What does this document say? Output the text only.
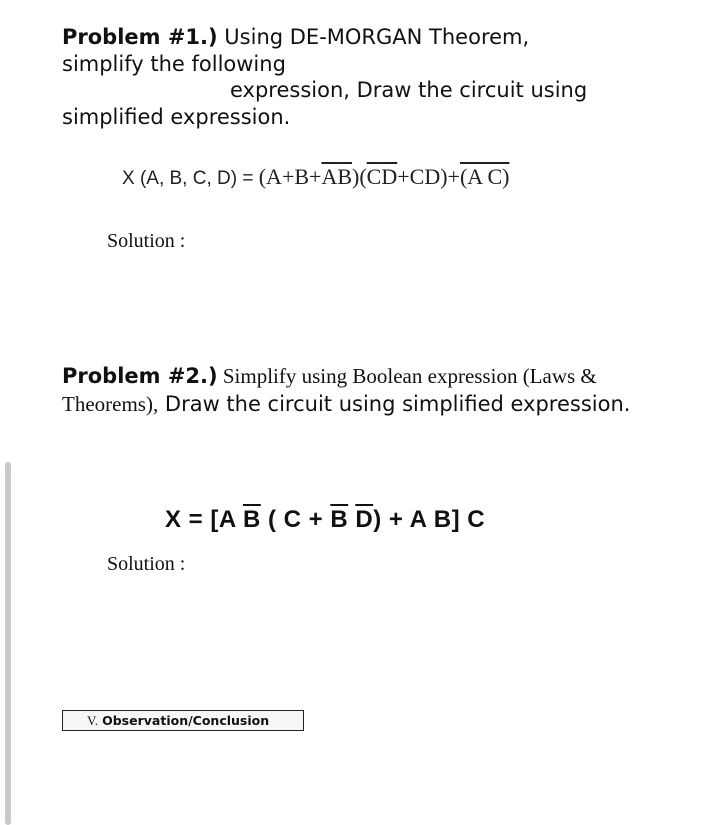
Problem #1.) Using DE-MORGAN Theorem,
simplify the following
expression, Draw the circuit using
simplified expression.
X (A, B, C, $D) = (A+B+\overline{A}\overline{B})(\overline{C}\overline{D}+CD)+(A$ C)
Solution :
Problem #2.) Simplify using Boolean expression (Laws & Theorems), Draw the circuit using simplified expression.
X = [A $\overline{B}$ ( $C + \overline{B}$ $\overline{D}) + A$ B] C
Solution :
V. Observation/Conclusion
